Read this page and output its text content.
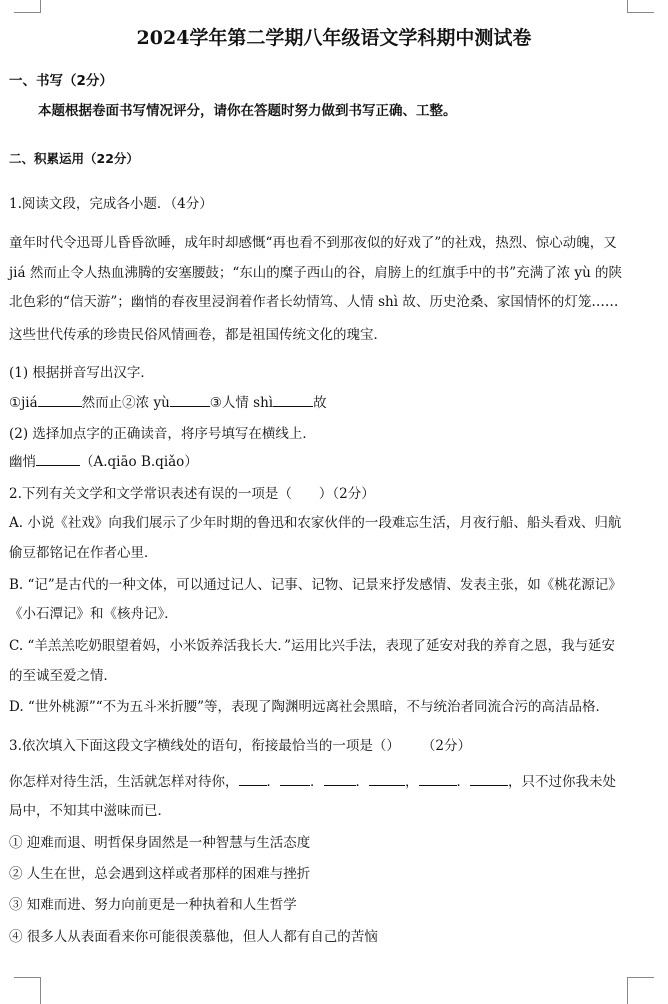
2024学年第二学期八年级语文学科期中测试卷
一、书写（2分）
本题根据卷面书写情况评分，请你在答题时努力做到书写正确、工整。
二、积累运用（22分）
1.阅读文段，完成各小题．（4分）
童年时代令迅哥儿昏昏欲睡，成年时却感慨“再也看不到那夜似的好戏了”的社戏，热烈、惊心动魄，又
jiá 然而止令人热血沸腾的安塞腰鼓；“东山的糜子西山的谷，肩膀上的红旗手中的书”充满了浓 yù 的陕
北色彩的“信天游”；幽悄的春夜里浸润着作者长幼情笃、人情 shì 故、历史沧桑、家国情怀的灯笼……
这些世代传承的珍贵民俗风情画卷，都是祖国传统文化的瑰宝．
(1) 根据拼音写出汉字．
①jiá	然而止②浓 yù	③人情 shì	故
(2) 选择加点字的正确读音，将序号填写在横线上．
幽悄	（A.qiāo B.qiǎo）
2.下列有关文学和文学常识表述有误的一项是（　　）（2分）
A. 小说《社戏》向我们展示了少年时期的鲁迅和农家伙伴的一段难忘生活，月夜行船、船头看戏、归航
偷豆都铭记在作者心里．
B. “记”是古代的一种文体，可以通过记人、记事、记物、记景来抒发感情、发表主张，如《桃花源记》
《小石潭记》和《核舟记》．
C. “羊羔羔吃奶眼望着妈，小米饭养活我长大．”运用比兴手法，表现了延安对我的养育之恩，我与延安
的至诚至爱之情．
D. “世外桃源”“不为五斗米折腰”等，表现了陶渊明远离社会黑暗，不与统治者同流合污的高洁品格．
3.依次填入下面这段文字横线处的语句，衔接最恰当的一项是（） （2分）
你怎样对待生活，生活就怎样对待你， ． ． ．	，	．	，只不过你我未处
局中，不知其中滋味而已．
① 迎难而退、明哲保身固然是一种智慧与生活态度
② 人生在世，总会遇到这样或者那样的困难与挫折
③ 知难而进、努力向前更是一种执着和人生哲学
④ 很多人从表面看来你可能很羡慕他，但人人都有自己的苦恼
